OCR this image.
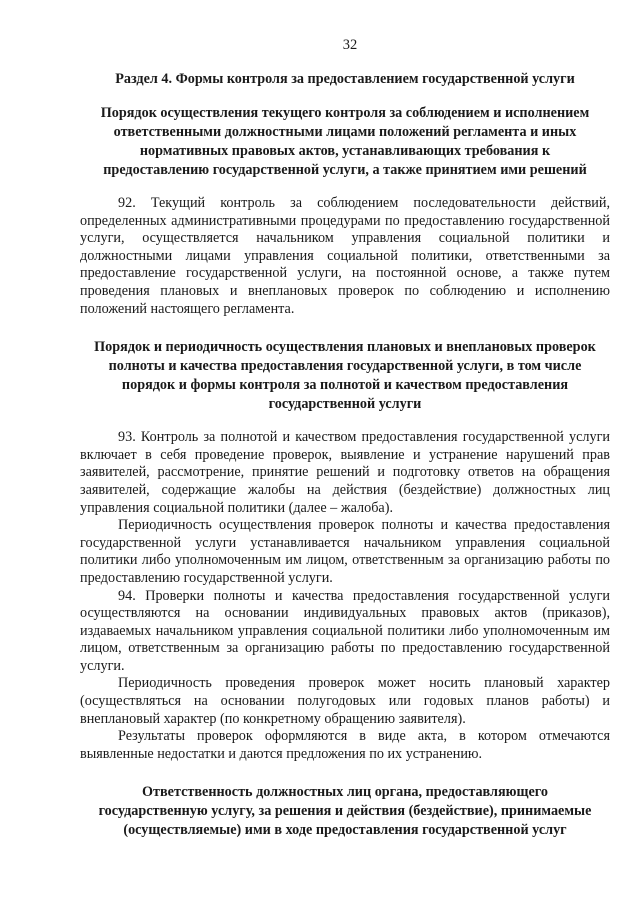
32
Раздел 4. Формы контроля за предоставлением государственной услуги
Порядок осуществления текущего контроля за соблюдением и исполнением ответственными должностными лицами положений регламента и иных нормативных правовых актов, устанавливающих требования к предоставлению государственной услуги, а также принятием ими решений

92. Текущий контроль за соблюдением последовательности действий, определенных административными процедурами по предоставлению государственной услуги, осуществляется начальником управления социальной политики и должностными лицами управления социальной политики, ответственными за предоставление государственной услуги, на постоянной основе, а также путем проведения плановых и внеплановых проверок по соблюдению и исполнению положений настоящего регламента.

Порядок и периодичность осуществления плановых и внеплановых проверок полноты и качества предоставления государственной услуги, в том числе порядок и формы контроля за полнотой и качеством предоставления государственной услуги

93. Контроль за полнотой и качеством предоставления государственной услуги включает в себя проведение проверок, выявление и устранение нарушений прав заявителей, рассмотрение, принятие решений и подготовку ответов на обращения заявителей, содержащие жалобы на действия (бездействие) должностных лиц управления социальной политики (далее – жалоба).

Периодичность осуществления проверок полноты и качества предоставления государственной услуги устанавливается начальником управления социальной политики либо уполномоченным им лицом, ответственным за организацию работы по предоставлению государственной услуги.

94. Проверки полноты и качества предоставления государственной услуги осуществляются на основании индивидуальных правовых актов (приказов), издаваемых начальником управления социальной политики либо уполномоченным им лицом, ответственным за организацию работы по предоставлению государственной услуги.

Периодичность проведения проверок может носить плановый характер (осуществляться на основании полугодовых или годовых планов работы) и внеплановый характер (по конкретному обращению заявителя).

Результаты проверок оформляются в виде акта, в котором отмечаются выявленные недостатки и даются предложения по их устранению.

Ответственность должностных лиц органа, предоставляющего государственную услугу, за решения и действия (бездействие), принимаемые (осуществляемые) ими в ходе предоставления государственной услуг
